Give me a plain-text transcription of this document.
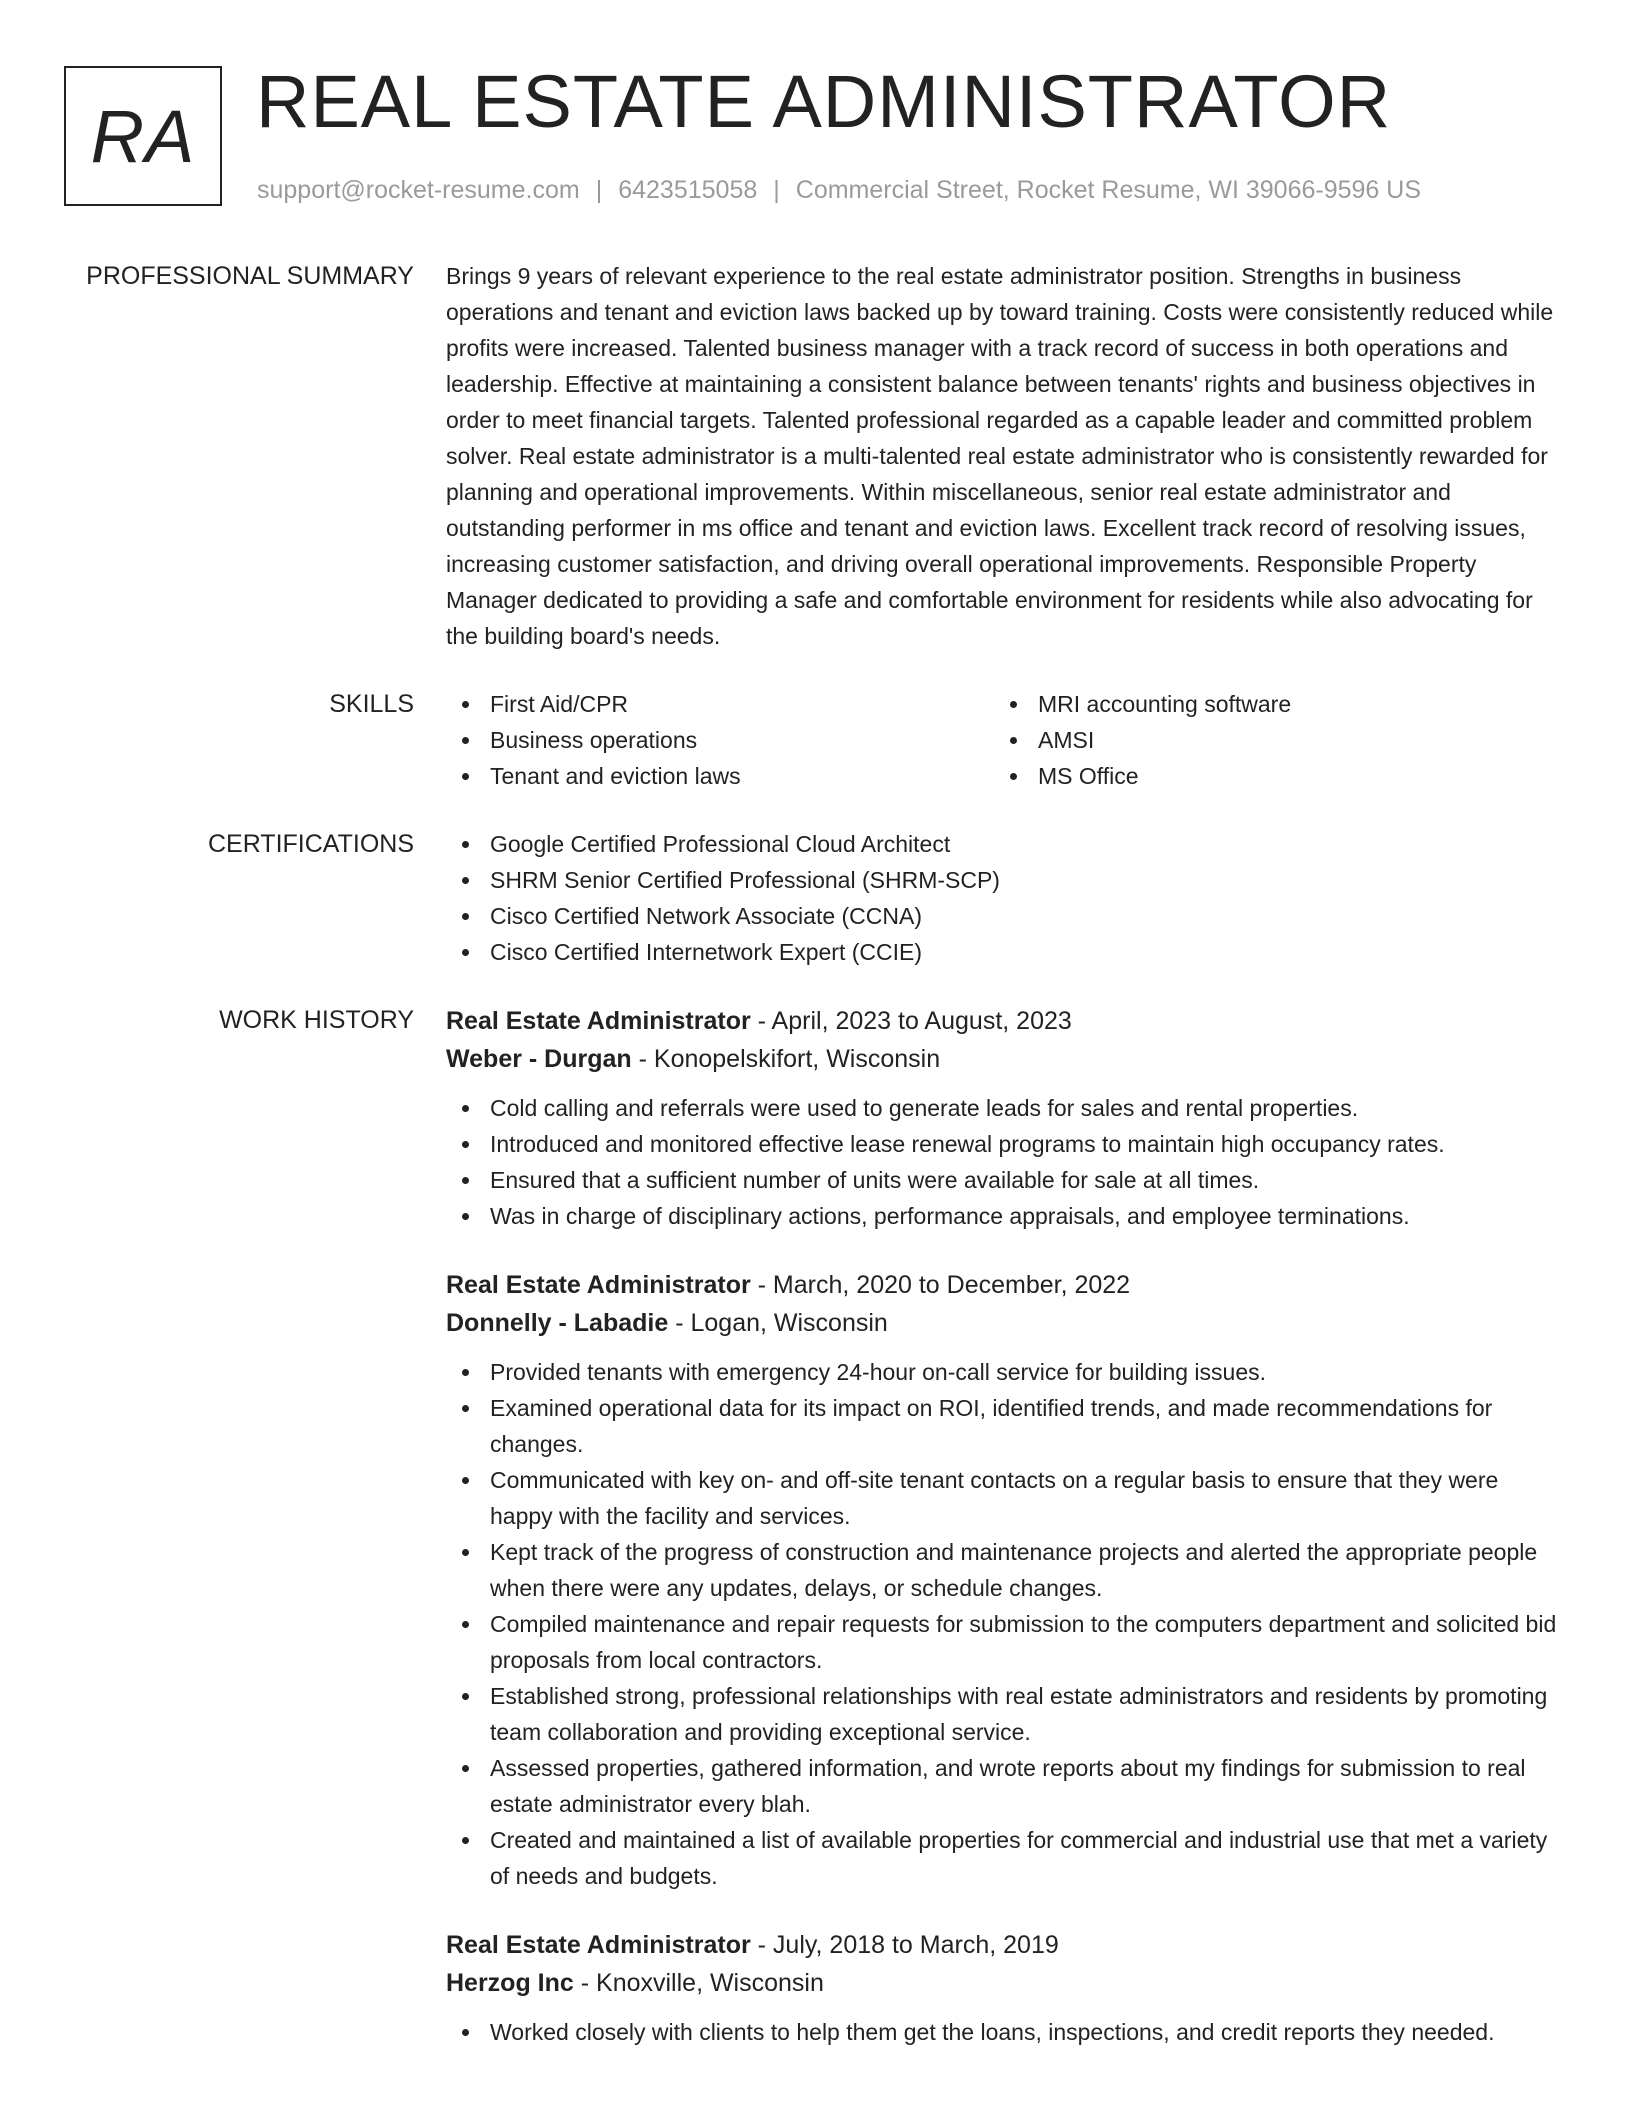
RA REAL ESTATE ADMINISTRATOR
support@rocket-resume.com | 6423515058 | Commercial Street, Rocket Resume, WI 39066-9596 US
PROFESSIONAL SUMMARY Brings 9 years of relevant experience to the real estate administrator position. Strengths in business operations and tenant and eviction laws backed up by toward training. Costs were consistently reduced while profits were increased. Talented business manager with a track record of success in both operations and leadership. Effective at maintaining a consistent balance between tenants' rights and business objectives in order to meet financial targets. Talented professional regarded as a capable leader and committed problem solver. Real estate administrator is a multi-talented real estate administrator who is consistently rewarded for planning and operational improvements. Within miscellaneous, senior real estate administrator and outstanding performer in ms office and tenant and eviction laws. Excellent track record of resolving issues, increasing customer satisfaction, and driving overall operational improvements. Responsible Property Manager dedicated to providing a safe and comfortable environment for residents while also advocating for the building board's needs.

SKILLS	First Aid/CPR
Business operations
Tenant and eviction laws
MRI accounting software
AMSI
MS Office
CERTIFICATIONS	Google Certified Professional Cloud Architect
SHRM Senior Certified Professional (SHRM-SCP)
Cisco Certified Network Associate (CCNA)
Cisco Certified Internetwork Expert (CCIE)
WORK HISTORY Real Estate Administrator - April, 2023 to August, 2023
Weber - Durgan - Konopelskifort, Wisconsin
Cold calling and referrals were used to generate leads for sales and rental properties.
Introduced and monitored effective lease renewal programs to maintain high occupancy rates.
Ensured that a sufficient number of units were available for sale at all times.
Was in charge of disciplinary actions, performance appraisals, and employee terminations.
Real Estate Administrator - March, 2020 to December, 2022
Donnelly - Labadie - Logan, Wisconsin
Provided tenants with emergency 24-hour on-call service for building issues.
Examined operational data for its impact on ROI, identified trends, and made recommendations for changes.
Communicated with key on- and off-site tenant contacts on a regular basis to ensure that they were happy with the facility and services.
Kept track of the progress of construction and maintenance projects and alerted the appropriate people when there were any updates, delays, or schedule changes.
Compiled maintenance and repair requests for submission to the computers department and solicited bid proposals from local contractors.
Established strong, professional relationships with real estate administrators and residents by promoting team collaboration and providing exceptional service.
Assessed properties, gathered information, and wrote reports about my findings for submission to real estate administrator every blah.
Created and maintained a list of available properties for commercial and industrial use that met a variety of needs and budgets.
Real Estate Administrator - July, 2018 to March, 2019
Herzog Inc - Knoxville, Wisconsin
Worked closely with clients to help them get the loans, inspections, and credit reports they needed.
